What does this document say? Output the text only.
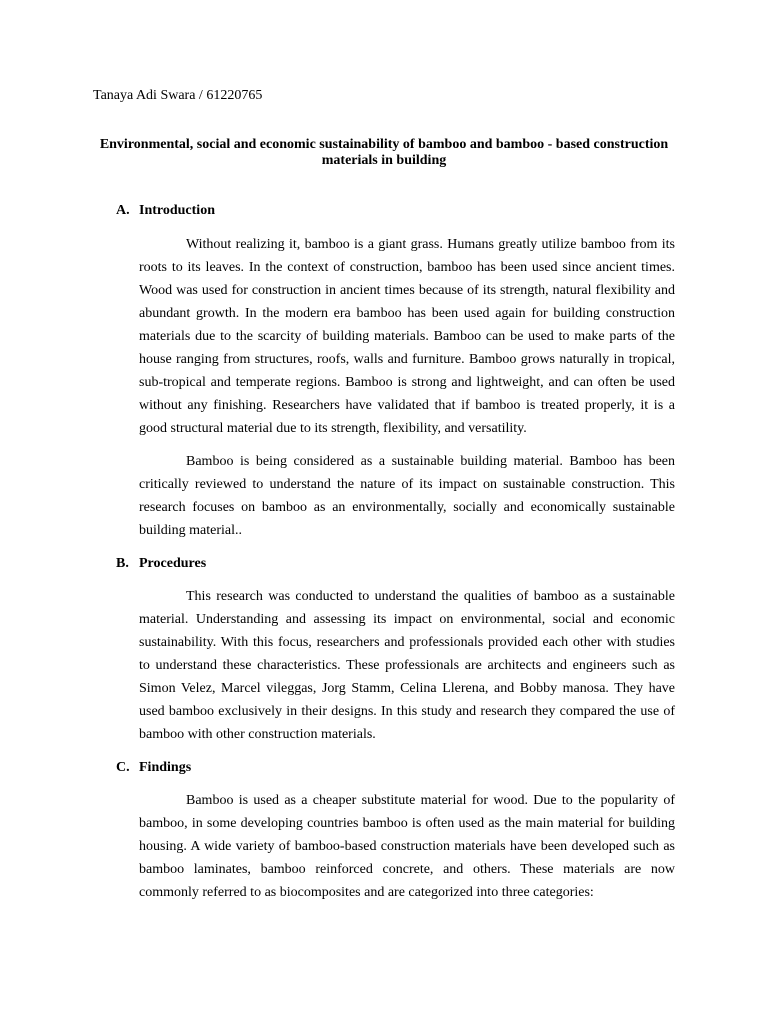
Tanaya Adi Swara / 61220765
Environmental, social and economic sustainability of bamboo and bamboo - based construction materials in building
A. Introduction

Without realizing it, bamboo is a giant grass. Humans greatly utilize bamboo from its roots to its leaves. In the context of construction, bamboo has been used since ancient times. Wood was used for construction in ancient times because of its strength, natural flexibility and abundant growth. In the modern era bamboo has been used again for building construction materials due to the scarcity of building materials. Bamboo can be used to make parts of the house ranging from structures, roofs, walls and furniture. Bamboo grows naturally in tropical, sub-tropical and temperate regions. Bamboo is strong and lightweight, and can often be used without any finishing. Researchers have validated that if bamboo is treated properly, it is a good structural material due to its strength, flexibility, and versatility.

Bamboo is being considered as a sustainable building material. Bamboo has been critically reviewed to understand the nature of its impact on sustainable construction. This research focuses on bamboo as an environmentally, socially and economically sustainable building material..

B. Procedures

This research was conducted to understand the qualities of bamboo as a sustainable material. Understanding and assessing its impact on environmental, social and economic sustainability. With this focus, researchers and professionals provided each other with studies to understand these characteristics. These professionals are architects and engineers such as Simon Velez, Marcel vileggas, Jorg Stamm, Celina Llerena, and Bobby manosa. They have used bamboo exclusively in their designs. In this study and research they compared the use of bamboo with other construction materials.

C. Findings

Bamboo is used as a cheaper substitute material for wood. Due to the popularity of bamboo, in some developing countries bamboo is often used as the main material for building housing. A wide variety of bamboo-based construction materials have been developed such as bamboo laminates, bamboo reinforced concrete, and others. These materials are now commonly referred to as biocomposites and are categorized into three categories:
